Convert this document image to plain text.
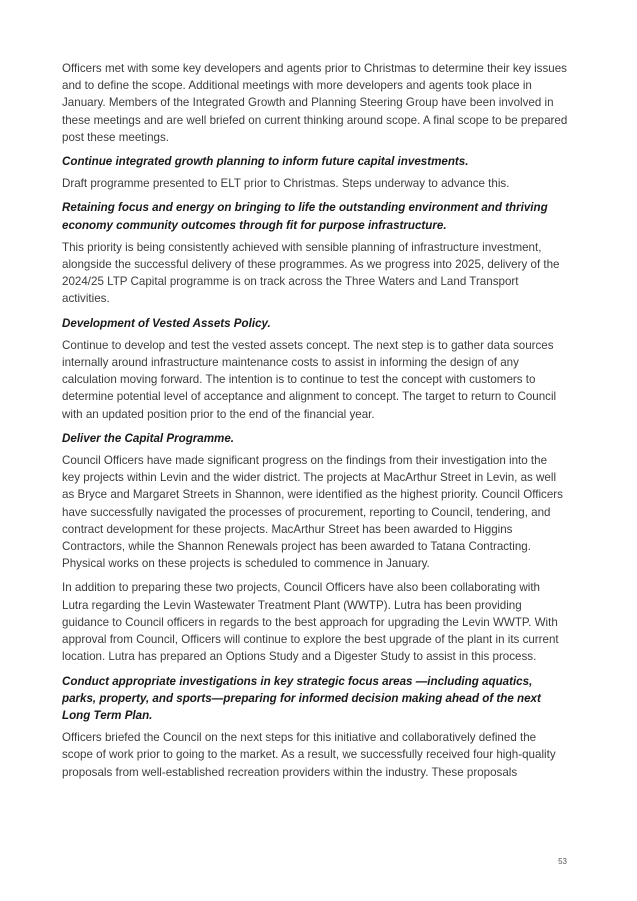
Officers met with some key developers and agents prior to Christmas to determine their key issues and to define the scope. Additional meetings with more developers and agents took place in January. Members of the Integrated Growth and Planning Steering Group have been involved in these meetings and are well briefed on current thinking around scope. A final scope to be prepared post these meetings.

Continue integrated growth planning to inform future capital investments.

Draft programme presented to ELT prior to Christmas. Steps underway to advance this.

Retaining focus and energy on bringing to life the outstanding environment and thriving economy community outcomes through fit for purpose infrastructure.

This priority is being consistently achieved with sensible planning of infrastructure investment, alongside the successful delivery of these programmes. As we progress into 2025, delivery of the 2024/25 LTP Capital programme is on track across the Three Waters and Land Transport activities.

Development of Vested Assets Policy.

Continue to develop and test the vested assets concept. The next step is to gather data sources internally around infrastructure maintenance costs to assist in informing the design of any calculation moving forward. The intention is to continue to test the concept with customers to determine potential level of acceptance and alignment to concept. The target to return to Council with an updated position prior to the end of the financial year.

Deliver the Capital Programme.

Council Officers have made significant progress on the findings from their investigation into the key projects within Levin and the wider district. The projects at MacArthur Street in Levin, as well as Bryce and Margaret Streets in Shannon, were identified as the highest priority. Council Officers have successfully navigated the processes of procurement, reporting to Council, tendering, and contract development for these projects. MacArthur Street has been awarded to Higgins Contractors, while the Shannon Renewals project has been awarded to Tatana Contracting. Physical works on these projects is scheduled to commence in January.

In addition to preparing these two projects, Council Officers have also been collaborating with Lutra regarding the Levin Wastewater Treatment Plant (WWTP). Lutra has been providing guidance to Council officers in regards to the best approach for upgrading the Levin WWTP. With approval from Council, Officers will continue to explore the best upgrade of the plant in its current location. Lutra has prepared an Options Study and a Digester Study to assist in this process.

Conduct appropriate investigations in key strategic focus areas —including aquatics, parks, property, and sports—preparing for informed decision making ahead of the next Long Term Plan.

Officers briefed the Council on the next steps for this initiative and collaboratively defined the scope of work prior to going to the market. As a result, we successfully received four high-quality proposals from well-established recreation providers within the industry. These proposals

53
